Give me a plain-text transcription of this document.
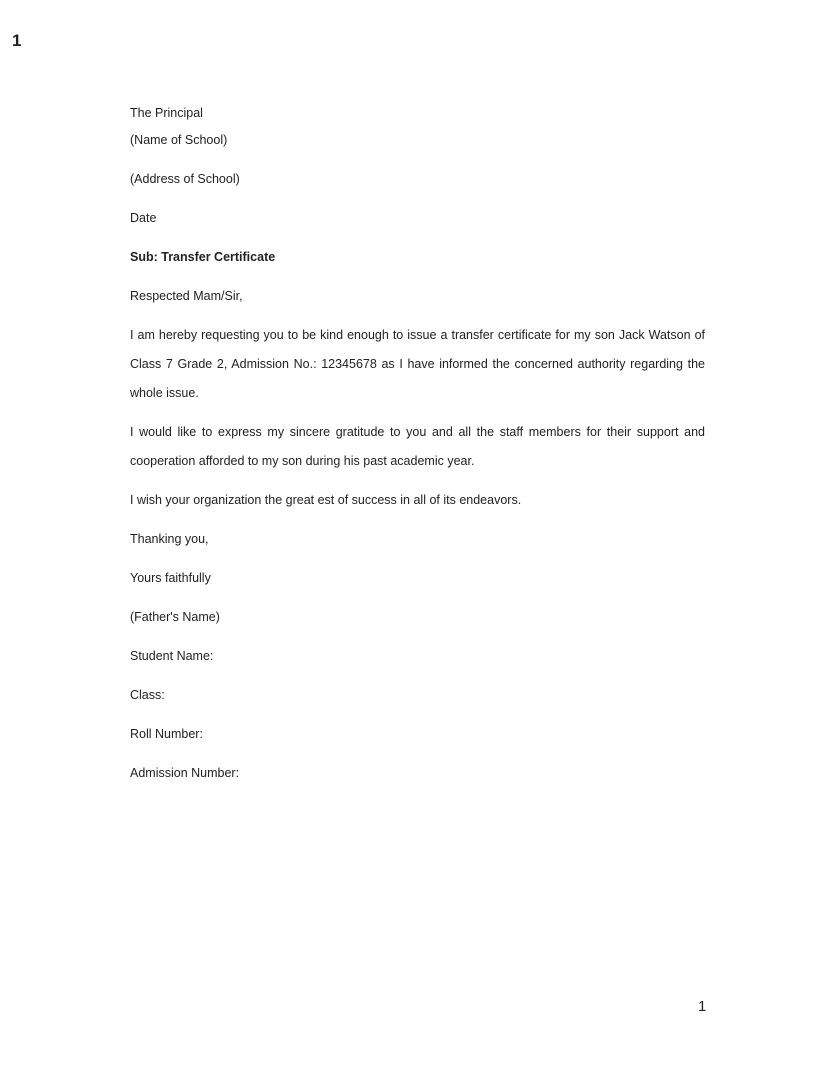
1
The Principal
(Name of School)
(Address of School)
Date
Sub: Transfer Certificate
Respected Mam/Sir,
I am hereby requesting you to be kind enough to issue a transfer certificate for my son Jack Watson of Class 7 Grade 2, Admission No.: 12345678 as I have informed the concerned authority regarding the whole issue.
I would like to express my sincere gratitude to you and all the staff members for their support and cooperation afforded to my son during his past academic year.
I wish your organization the great est of success in all of its endeavors.
Thanking you,
Yours faithfully
(Father's Name)
Student Name:
Class:
Roll Number:
Admission Number:
1
